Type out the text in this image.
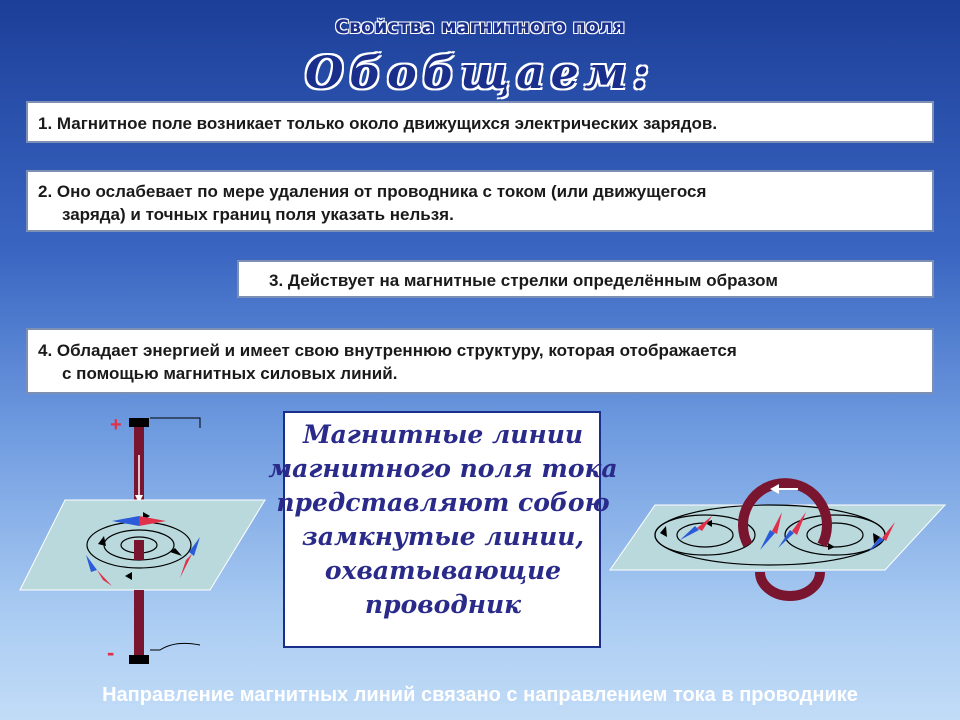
Свойства магнитного поля
Обобщаем:
1. Магнитное поле возникает только около движущихся электрических зарядов.
2. Оно ослабевает по мере удаления от проводника с током (или движущегося
заряда) и точных границ поля указать нельзя.
3. Действует на магнитные стрелки определённым образом
4. Обладает энергией и имеет свою внутреннюю структуру, которая отображается
с помощью магнитных силовых линий.
+
-
Магнитные линии
магнитного поля тока
представляют собою
замкнутые линии,
охватывающие
проводник
Направление магнитных линий связано с направлением тока в проводнике
